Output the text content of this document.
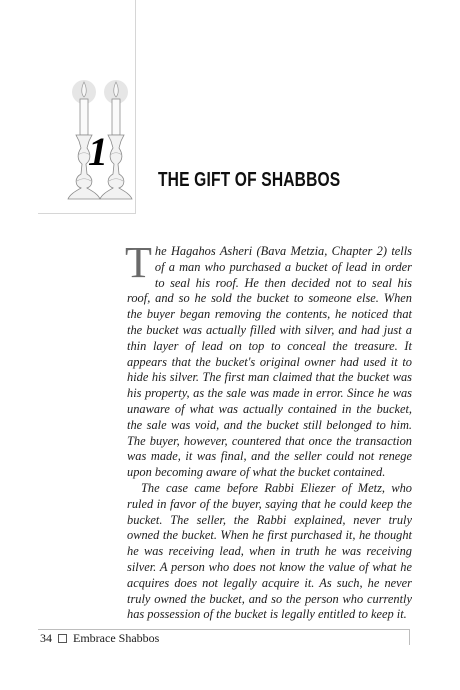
1
THE GIFT OF SHABBOS

The Hagahos Asheri (Bava Metzia, Chapter 2) tells of a man who purchased a bucket of lead in order to seal his roof. He then decided not to seal his roof, and so he sold the bucket to someone else. When the buyer began removing the contents, he noticed that the bucket was actually filled with silver, and had just a thin layer of lead on top to conceal the treasure. It appears that the bucket's original owner had used it to hide his silver. The first man claimed that the bucket was his property, as the sale was made in error. Since he was unaware of what was actually contained in the bucket, the sale was void, and the bucket still belonged to him. The buyer, however, countered that once the transaction was made, it was final, and the seller could not renege upon becoming aware of what the bucket contained.

The case came before Rabbi Eliezer of Metz, who ruled in favor of the buyer, saying that he could keep the bucket. The seller, the Rabbi explained, never truly owned the bucket. When he first purchased it, he thought he was receiving lead, when in truth he was receiving silver. A person who does not know the value of what he acquires does not legally acquire it. As such, he never truly owned the bucket, and so the person who currently has possession of the bucket is legally entitled to keep it.

34 Embrace Shabbos
